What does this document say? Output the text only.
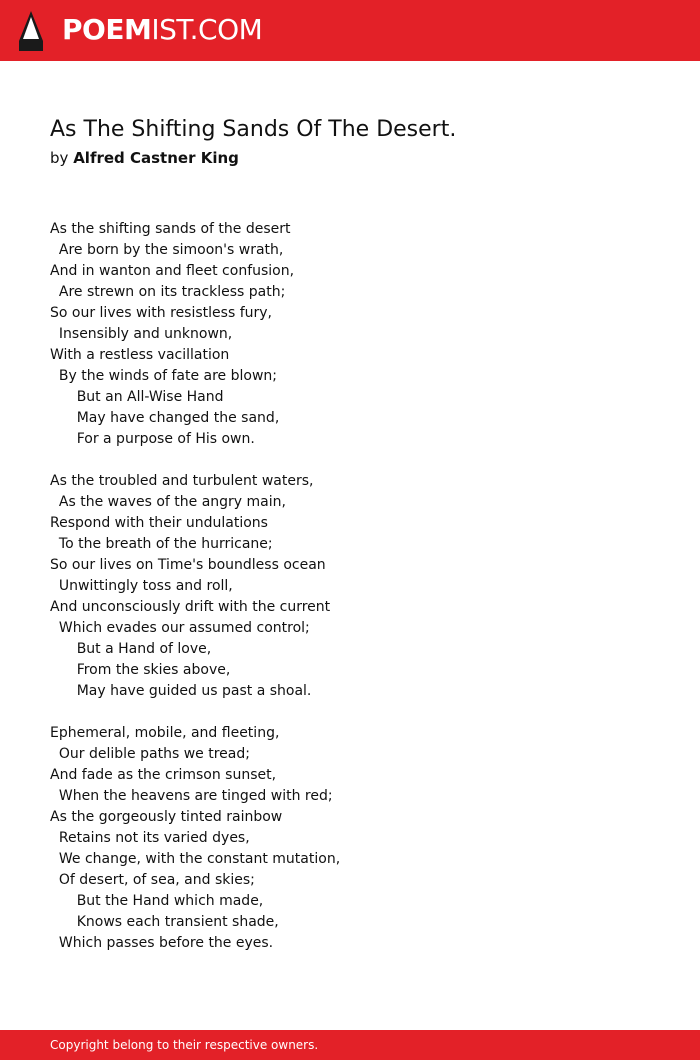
POEMIST.COM
As The Shifting Sands Of The Desert.
by Alfred Castner King
As the shifting sands of the desert
Are born by the simoon's wrath,
And in wanton and fleet confusion,
Are strewn on its trackless path;
So our lives with resistless fury,
Insensibly and unknown,
With a restless vacillation
By the winds of fate are blown;
But an All-Wise Hand
May have changed the sand,
For a purpose of His own.
As the troubled and turbulent waters,
As the waves of the angry main,
Respond with their undulations
To the breath of the hurricane;
So our lives on Time's boundless ocean
Unwittingly toss and roll,
And unconsciously drift with the current
Which evades our assumed control;
But a Hand of love,
From the skies above,
May have guided us past a shoal.
Ephemeral, mobile, and fleeting,
Our delible paths we tread;
And fade as the crimson sunset,
When the heavens are tinged with red;
As the gorgeously tinted rainbow
Retains not its varied dyes,
We change, with the constant mutation,
Of desert, of sea, and skies;
But the Hand which made,
Knows each transient shade,
Which passes before the eyes.
Copyright belong to their respective owners.
